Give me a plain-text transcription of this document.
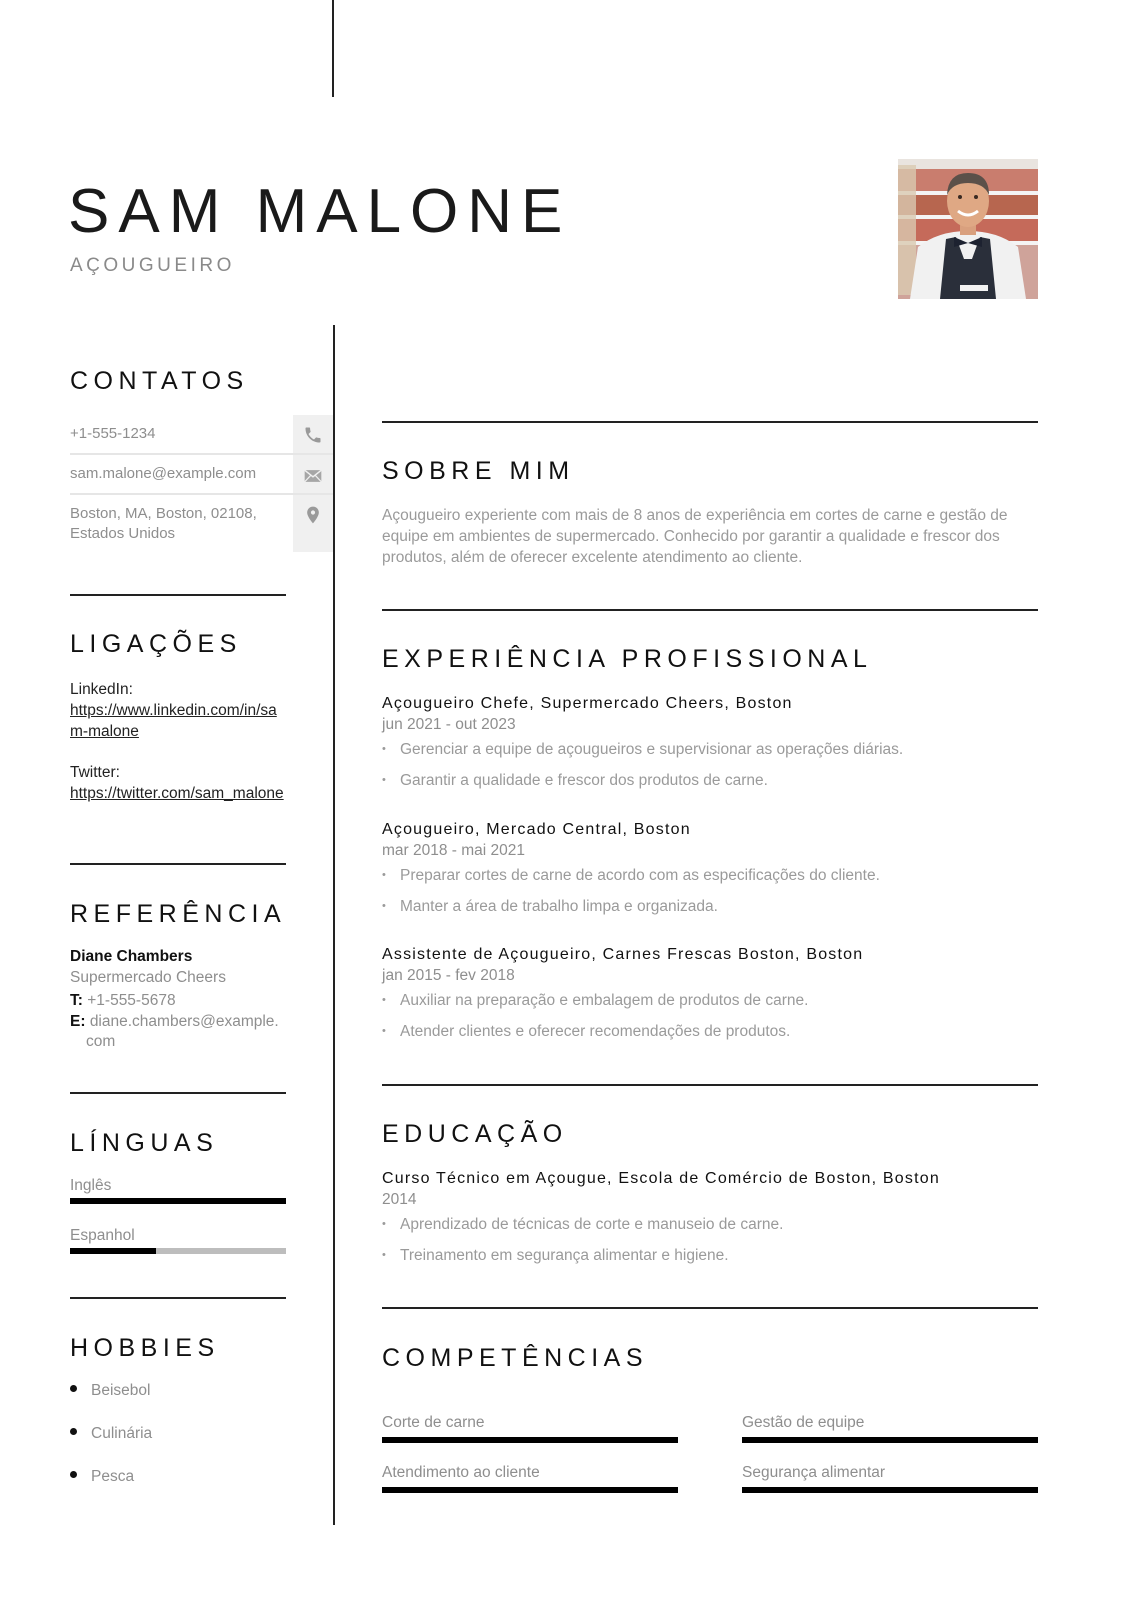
SAM MALONE
AÇOUGUEIRO
CONTATOS
+1-555-1234
sam.malone@example.com
Boston, MA, Boston, 02108, Estados Unidos
LIGAÇÕES
LinkedIn:
https://www.linkedin.com/in/sam-malone
Twitter:
https://twitter.com/sam_malone
REFERÊNCIA
Diane Chambers
Supermercado Cheers
T: +1-555-5678
E: diane.chambers@example.com
LÍNGUAS
Inglês
Espanhol
HOBBIES
Beisebol
Culinária
Pesca
SOBRE MIM
Açougueiro experiente com mais de 8 anos de experiência em cortes de carne e gestão de equipe em ambientes de supermercado. Conhecido por garantir a qualidade e frescor dos produtos, além de oferecer excelente atendimento ao cliente.
EXPERIÊNCIA PROFISSIONAL
Açougueiro Chefe, Supermercado Cheers, Boston
jun 2021 - out 2023
• Gerenciar a equipe de açougueiros e supervisionar as operações diárias.
• Garantir a qualidade e frescor dos produtos de carne.
Açougueiro, Mercado Central, Boston
mar 2018 - mai 2021
• Preparar cortes de carne de acordo com as especificações do cliente.
• Manter a área de trabalho limpa e organizada.
Assistente de Açougueiro, Carnes Frescas Boston, Boston
jan 2015 - fev 2018
• Auxiliar na preparação e embalagem de produtos de carne.
• Atender clientes e oferecer recomendações de produtos.
EDUCAÇÃO
Curso Técnico em Açougue, Escola de Comércio de Boston, Boston
2014
• Aprendizado de técnicas de corte e manuseio de carne.
• Treinamento em segurança alimentar e higiene.
COMPETÊNCIAS
Corte de carne	Gestão de equipe
Atendimento ao cliente	Segurança alimentar
